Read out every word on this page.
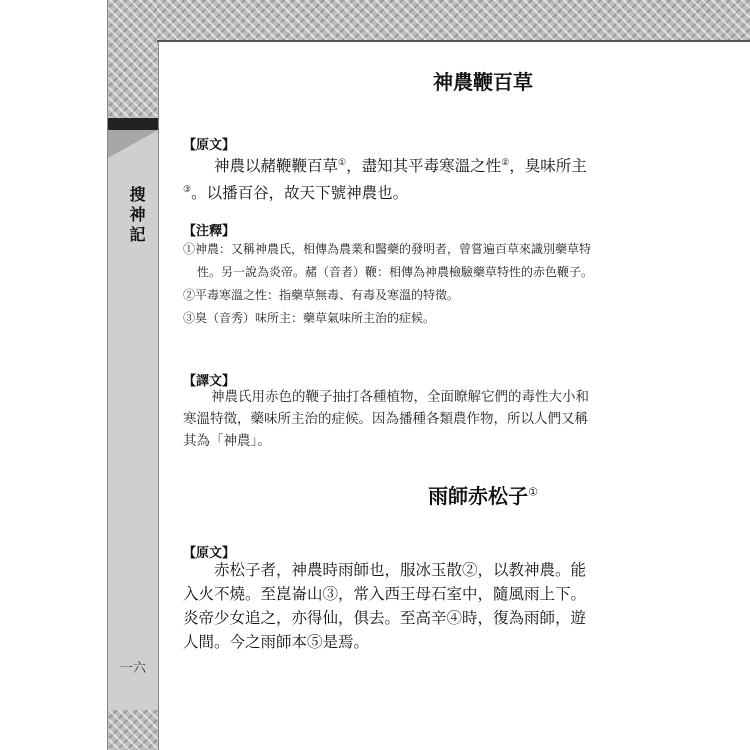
搜神記
一六
神農鞭百草
【原文】
神農以赭鞭鞭百草①，盡知其平毒寒溫之性②，臭味所主
③。以播百谷，故天下號神農也。
【注釋】

①神農：又稱神農氏，相傳為農業和醫藥的發明者，曾嘗遍百草來識別藥草特性。另一說為炎帝。赭（音者）鞭：相傳為神農檢驗藥草特性的赤色鞭子。

②平毒寒溫之性：指藥草無毒、有毒及寒溫的特徵。

③臭（音秀）味所主：藥草氣味所主治的症候。

【譯文】
神農氏用赤色的鞭子抽打各種植物，全面瞭解它們的毒性大小和寒溫特徵，藥味所主治的症候。因為播種各類農作物，所以人們又稱其為「神農」。
雨師赤松子①
【原文】
赤松子者，神農時雨師也，服冰玉散②，以教神農。能入火不燒。至崑崙山③，常入西王母石室中，隨風雨上下。炎帝少女追之，亦得仙，俱去。至高辛④時，復為雨師，遊人間。今之雨師本⑤是焉。
